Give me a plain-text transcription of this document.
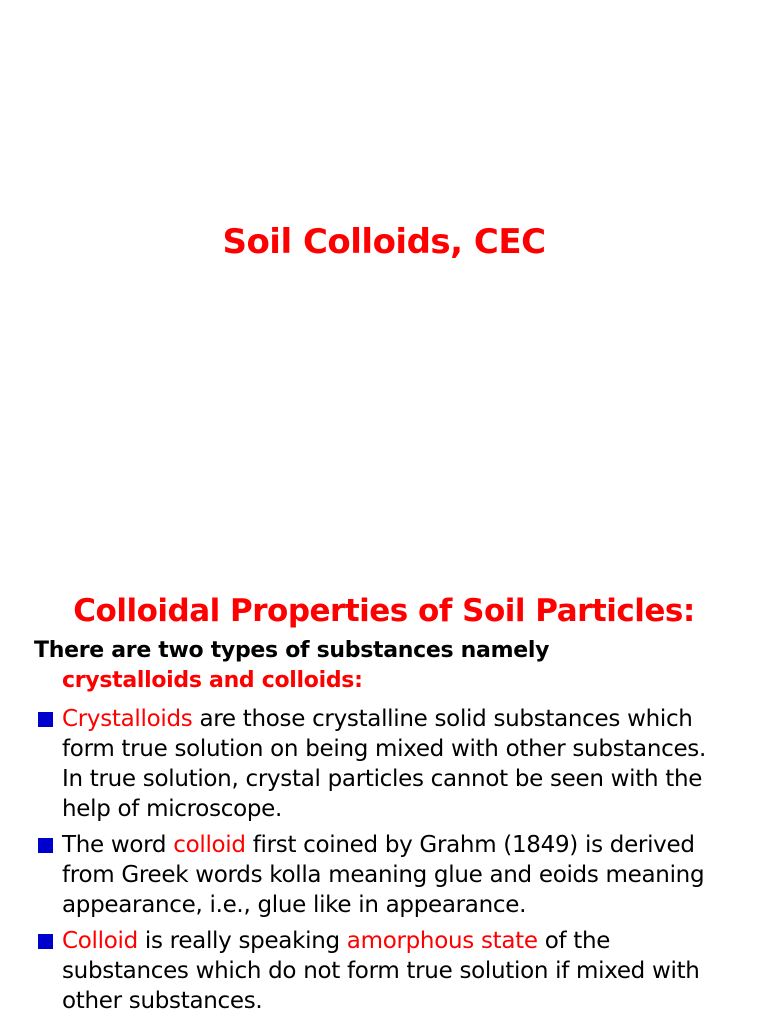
Soil Colloids, CEC
Colloidal Properties of Soil Particles:

There are two types of substances namely
crystalloids and colloids:

Crystalloids are those crystalline solid substances which form true solution on being mixed with other substances. In true solution, crystal particles cannot be seen with the help of microscope.
The word colloid first coined by Grahm (1849) is derived from Greek words kolla meaning glue and eoids meaning appearance, i.e., glue like in appearance.
Colloid is really speaking amorphous state of the substances which do not form true solution if mixed with other substances.
